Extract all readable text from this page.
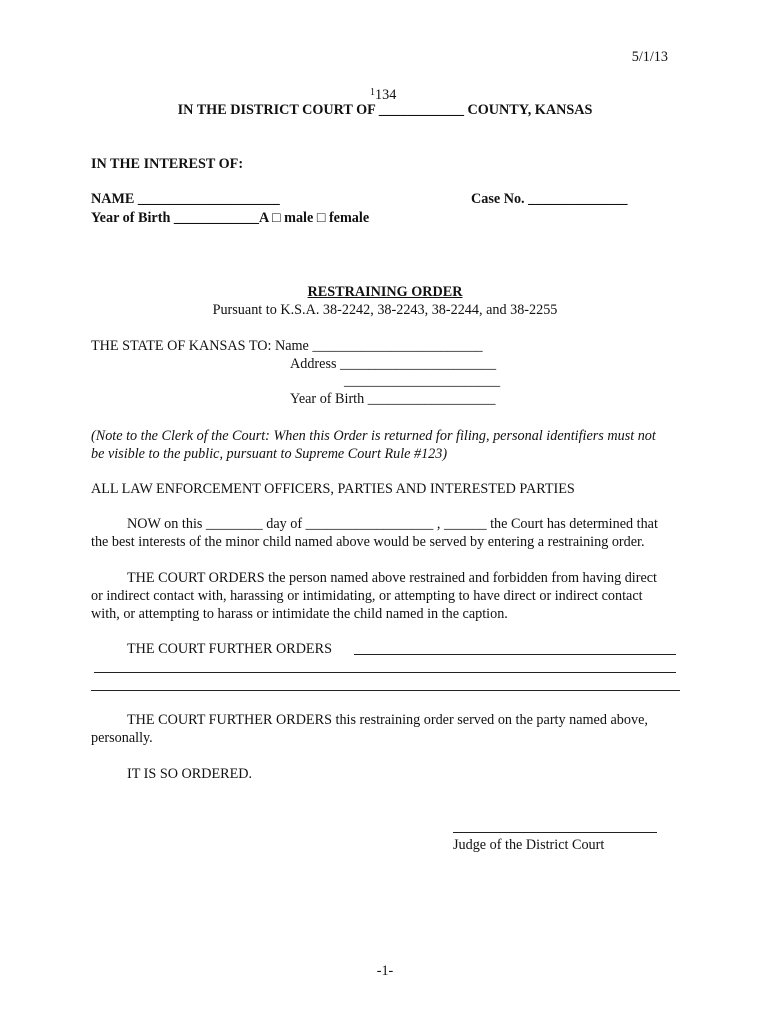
5/1/13
$^1$134
IN THE DISTRICT COURT OF ____________ COUNTY, KANSAS
IN THE INTEREST OF:
NAME ____________________	Case No. ______________
Year of Birth ____________A □ male □ female
RESTRAINING ORDER
Pursuant to K.S.A. 38-2242, 38-2243, 38-2244, and 38-2255
THE STATE OF KANSAS TO: Name ________________________
Address ______________________
______________________
Year of Birth __________________
(Note to the Clerk of the Court: When this Order is returned for filing, personal identifiers must not be visible to the public, pursuant to Supreme Court Rule #123)
ALL LAW ENFORCEMENT OFFICERS, PARTIES AND INTERESTED PARTIES
NOW on this ________ day of __________________ , ______ the Court has determined that the best interests of the minor child named above would be served by entering a restraining order.
THE COURT ORDERS the person named above restrained and forbidden from having direct or indirect contact with, harassing or intimidating, or attempting to have direct or indirect contact with, or attempting to harass or intimidate the child named in the caption.
THE COURT FURTHER ORDERS
THE COURT FURTHER ORDERS this restraining order served on the party named above, personally.
IT IS SO ORDERED.
Judge of the District Court
-1-
